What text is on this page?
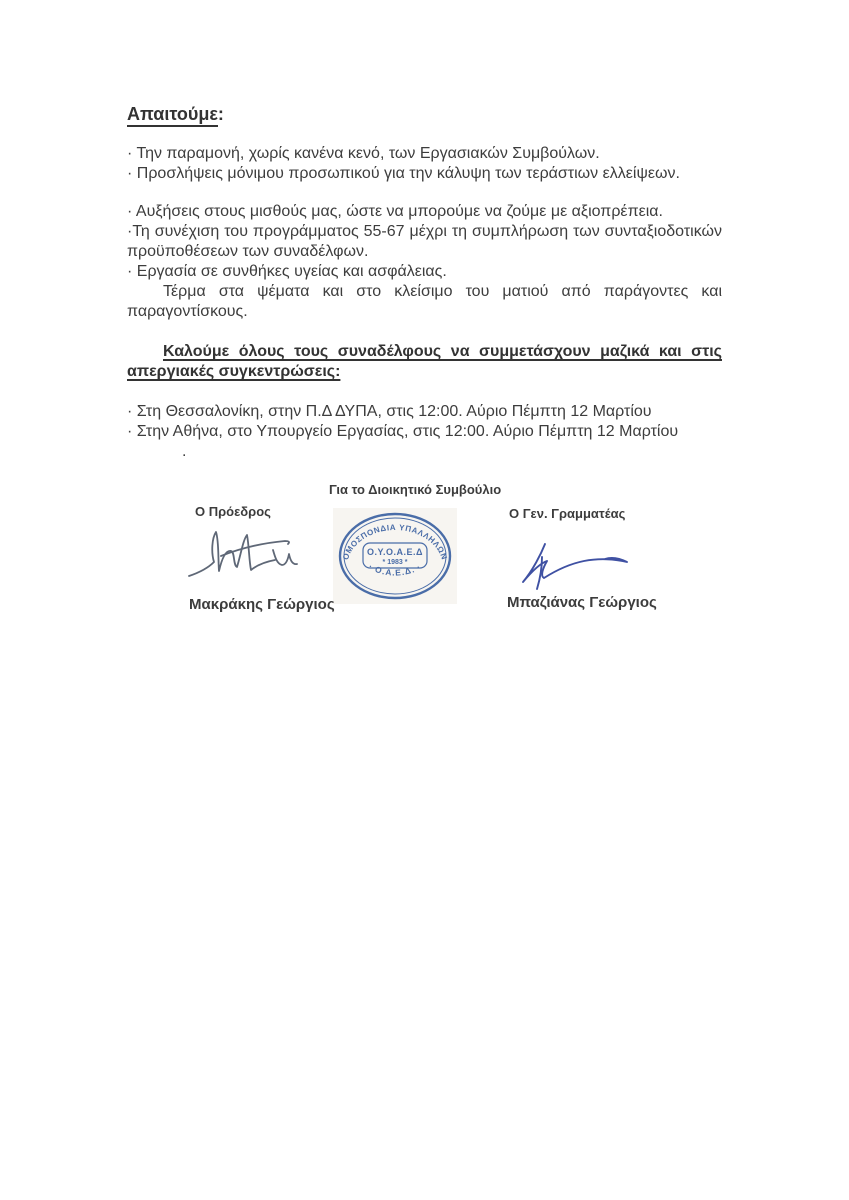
Απαιτούμε:
· Την παραμονή, χωρίς κανένα κενό, των Εργασιακών Συμβούλων.
· Προσλήψεις μόνιμου προσωπικού για την κάλυψη των τεράστιων ελλείψεων.
· Αυξήσεις στους μισθούς μας, ώστε να μπορούμε να ζούμε με αξιοπρέπεια.
·Τη συνέχιση του προγράμματος 55-67 μέχρι τη συμπλήρωση των συνταξιοδοτικών προϋποθέσεων των συναδέλφων.
· Εργασία σε συνθήκες υγείας και ασφάλειας.
Τέρμα στα ψέματα και στο κλείσιμο του ματιού από παράγοντες και παραγοντίσκους.
Καλούμε όλους τους συναδέλφους να συμμετάσχουν μαζικά και στις απεργιακές συγκεντρώσεις:
· Στη Θεσσαλονίκη, στην Π.Δ ΔΥΠΑ, στις 12:00. Αύριο Πέμπτη 12 Μαρτίου
· Στην Αθήνα, στο Υπουργείο Εργασίας, στις 12:00. Αύριο Πέμπτη 12 Μαρτίου
.
Για το Διοικητικό Συμβούλιο
Ο Πρόεδρος	Ο Γεν. Γραμματέας
ΟΜΟΣΠΟΝΔΙΑ ΥΠΑΛΛΗΛΩΝ
· Ο.Α.Ε.Δ. ·
Ο.Υ.Ο.Α.Ε.Δ
* 1983 *
Μακράκης Γεώργιος	Μπαζιάνας Γεώργιος
